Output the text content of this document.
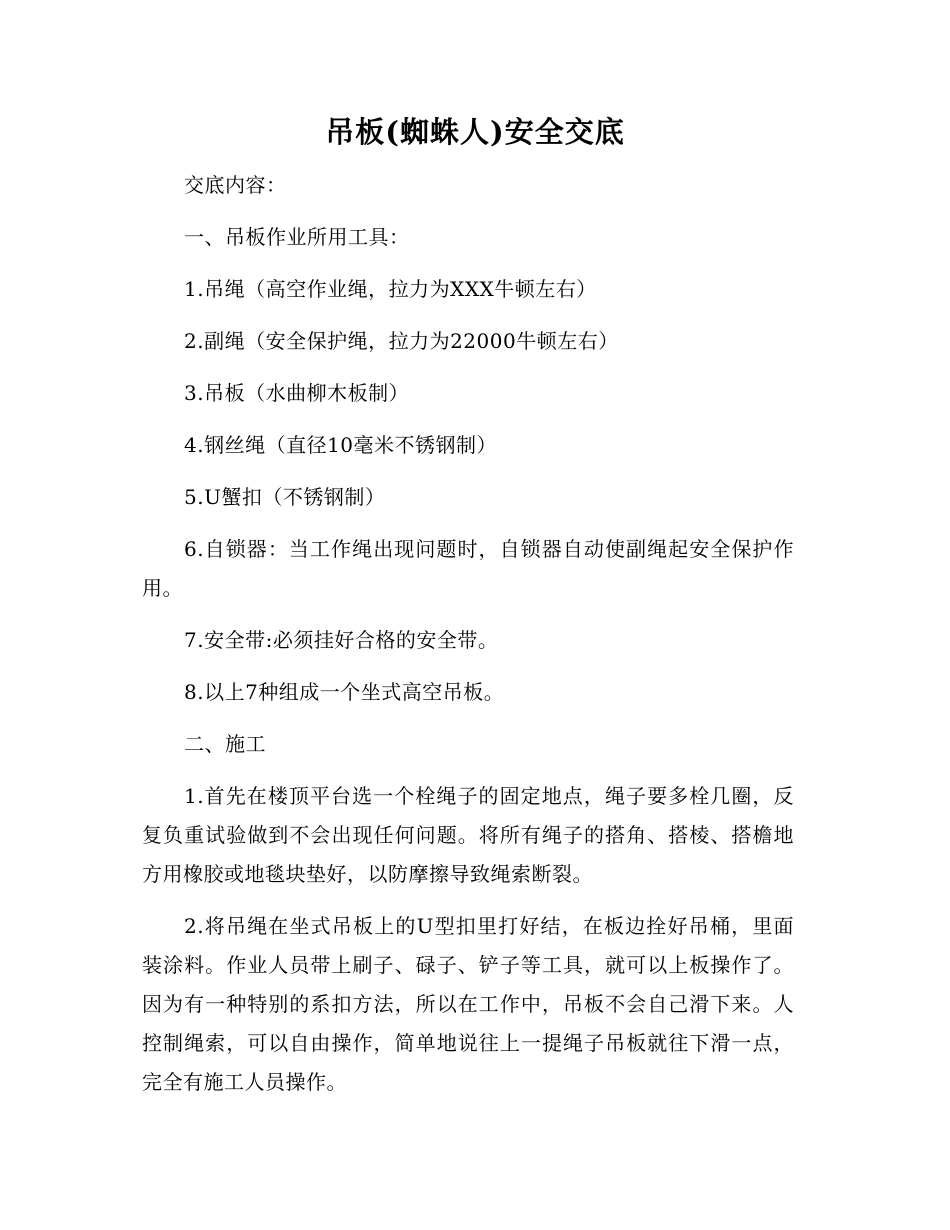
吊板(蜘蛛人)安全交底

交底内容：

一、吊板作业所用工具：

1.吊绳（高空作业绳，拉力为XXX牛顿左右）

2.副绳（安全保护绳，拉力为22000牛顿左右）

3.吊板（水曲柳木板制）

4.钢丝绳（直径10毫米不锈钢制）

5.U蟹扣（不锈钢制）

6.自锁器：当工作绳出现问题时，自锁器自动使副绳起安全保护作用。

7.安全带:必须挂好合格的安全带。

8.以上7种组成一个坐式高空吊板。

二、施工

1.首先在楼顶平台选一个栓绳子的固定地点，绳子要多栓几圈，反复负重试验做到不会出现任何问题。将所有绳子的搭角、搭棱、搭檐地方用橡胶或地毯块垫好，以防摩擦导致绳索断裂。

2.将吊绳在坐式吊板上的U型扣里打好结，在板边拴好吊桶，里面装涂料。作业人员带上刷子、碌子、铲子等工具，就可以上板操作了。因为有一种特别的系扣方法，所以在工作中，吊板不会自己滑下来。人控制绳索，可以自由操作，简单地说往上一提绳子吊板就往下滑一点，完全有施工人员操作。
